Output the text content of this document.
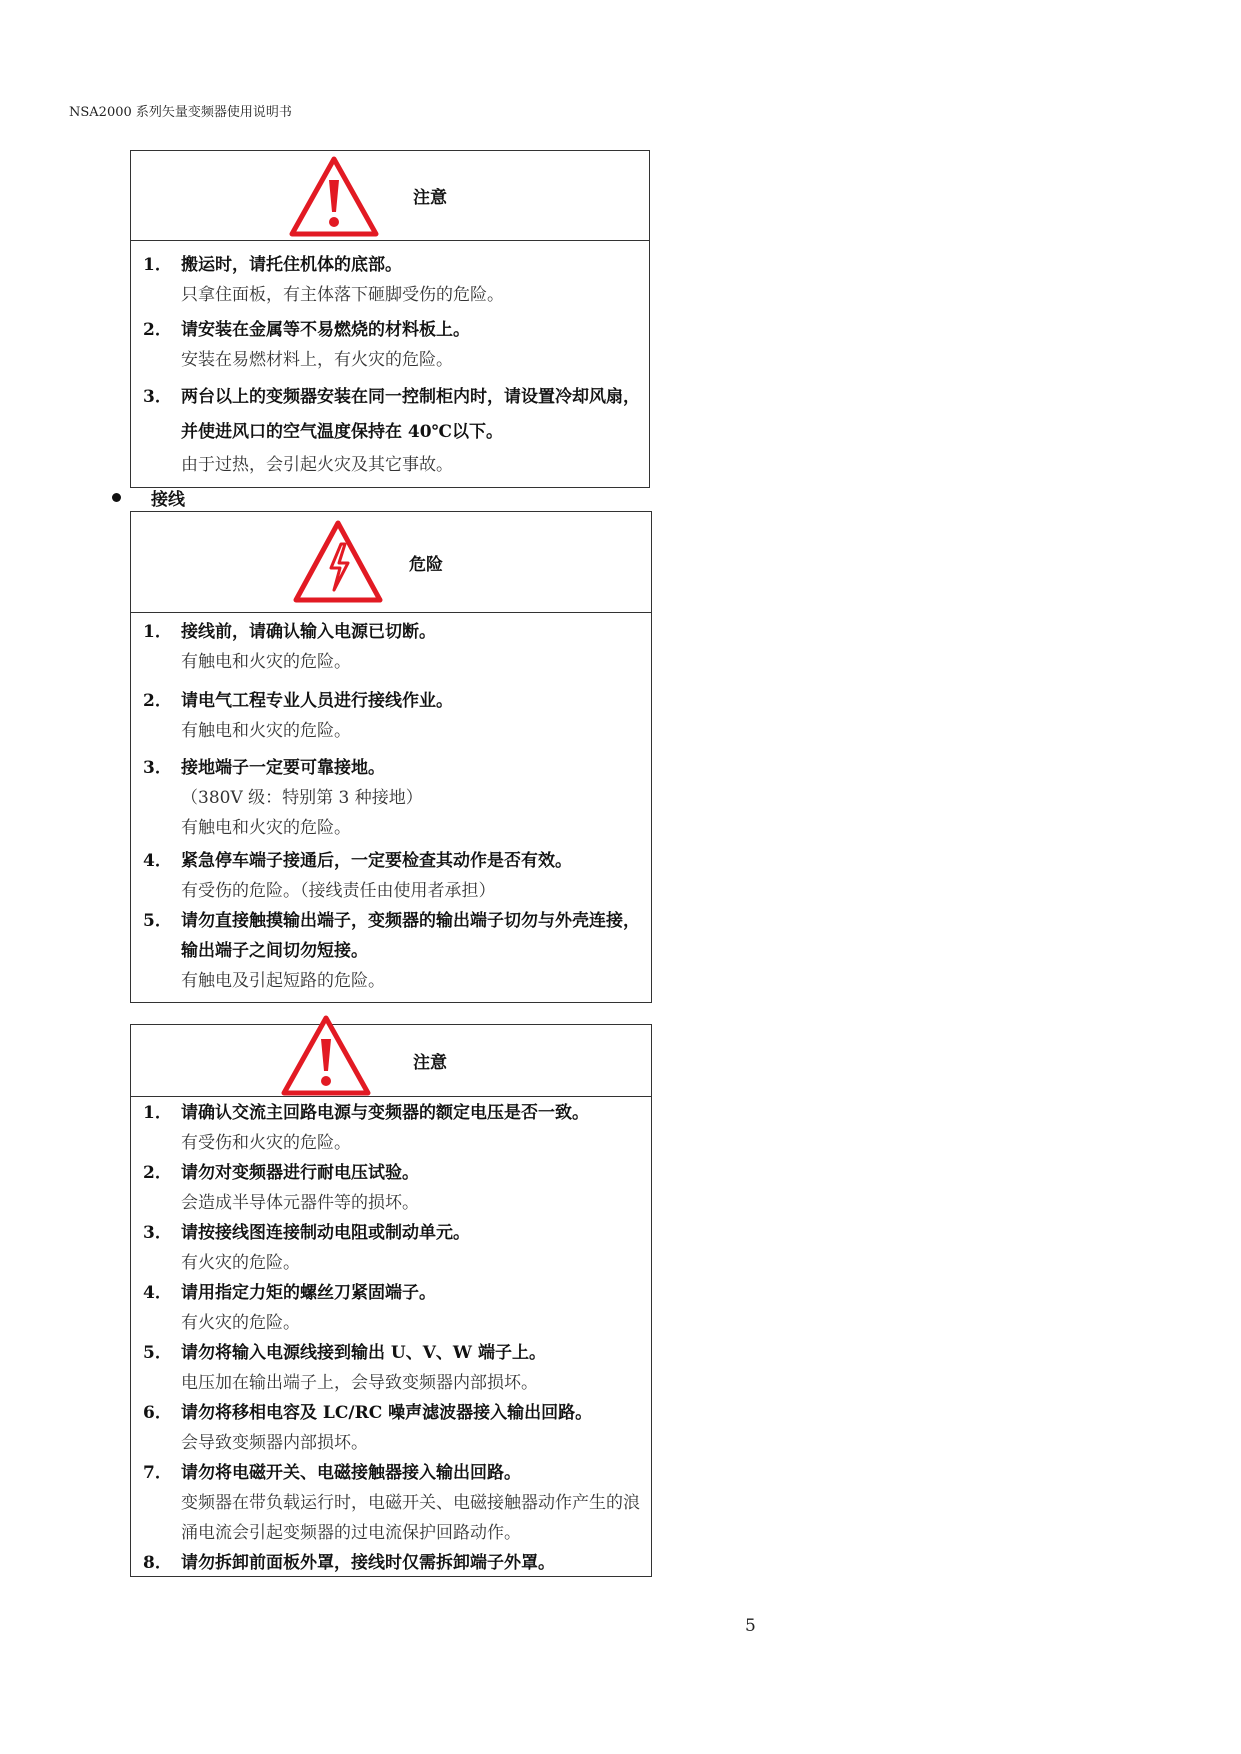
NSA2000 系列矢量变频器使用说明书
注意
1． 搬运时，请托住机体的底部。
只拿住面板，有主体落下砸脚受伤的危险。
2． 请安装在金属等不易燃烧的材料板上。
安装在易燃材料上，有火灾的危险。
3． 两台以上的变频器安装在同一控制柜内时，请设置冷却风扇，并使进风口的空气温度保持在 40℃以下。
由于过热，会引起火灾及其它事故。
接线
危险
1． 接线前，请确认输入电源已切断。
有触电和火灾的危险。
2． 请电气工程专业人员进行接线作业。
有触电和火灾的危险。
3． 接地端子一定要可靠接地。
（380V 级：特别第 3 种接地）
有触电和火灾的危险。
4． 紧急停车端子接通后，一定要检查其动作是否有效。
有受伤的危险。（接线责任由使用者承担）
5． 请勿直接触摸输出端子，变频器的输出端子切勿与外壳连接，输出端子之间切勿短接。
有触电及引起短路的危险。
注意
1． 请确认交流主回路电源与变频器的额定电压是否一致。
有受伤和火灾的危险。
2． 请勿对变频器进行耐电压试验。
会造成半导体元器件等的损坏。
3． 请按接线图连接制动电阻或制动单元。
有火灾的危险。
4． 请用指定力矩的螺丝刀紧固端子。
有火灾的危险。
5． 请勿将输入电源线接到输出 U、V、W 端子上。
电压加在输出端子上，会导致变频器内部损坏。
6． 请勿将移相电容及 LC/RC 噪声滤波器接入输出回路。
会导致变频器内部损坏。
7． 请勿将电磁开关、电磁接触器接入输出回路。
变频器在带负载运行时，电磁开关、电磁接触器动作产生的浪涌电流会引起变频器的过电流保护回路动作。
8． 请勿拆卸前面板外罩，接线时仅需拆卸端子外罩。
5
